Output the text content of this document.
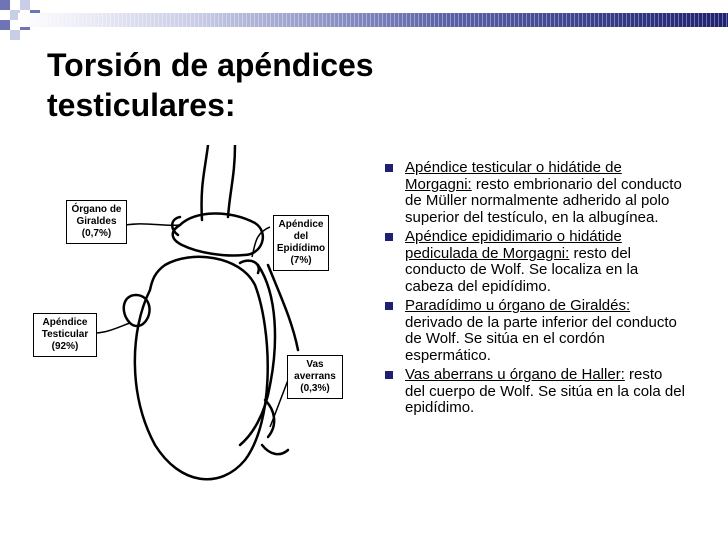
Torsión de apéndices testiculares:
Órgano de
Giraldes
(0,7%)
Apéndice
del
Epidídimo
(7%)
Apéndice
Testicular
(92%)
Vas
averrans
(0,3%)
Apéndice testicular o hidátide de Morgagni: resto embrionario del conducto de Müller normalmente adherido al polo superior del testículo, en la albugínea.
Apéndice epididimario o hidátide pediculada de Morgagni: resto del conducto de Wolf. Se localiza en la cabeza del epidídimo.
Paradídimo u órgano de Giraldés: derivado de la parte inferior del conducto de Wolf. Se sitúa en el cordón espermático.
Vas aberrans u órgano de Haller: resto del cuerpo de Wolf. Se sitúa en la cola del epidídimo.
